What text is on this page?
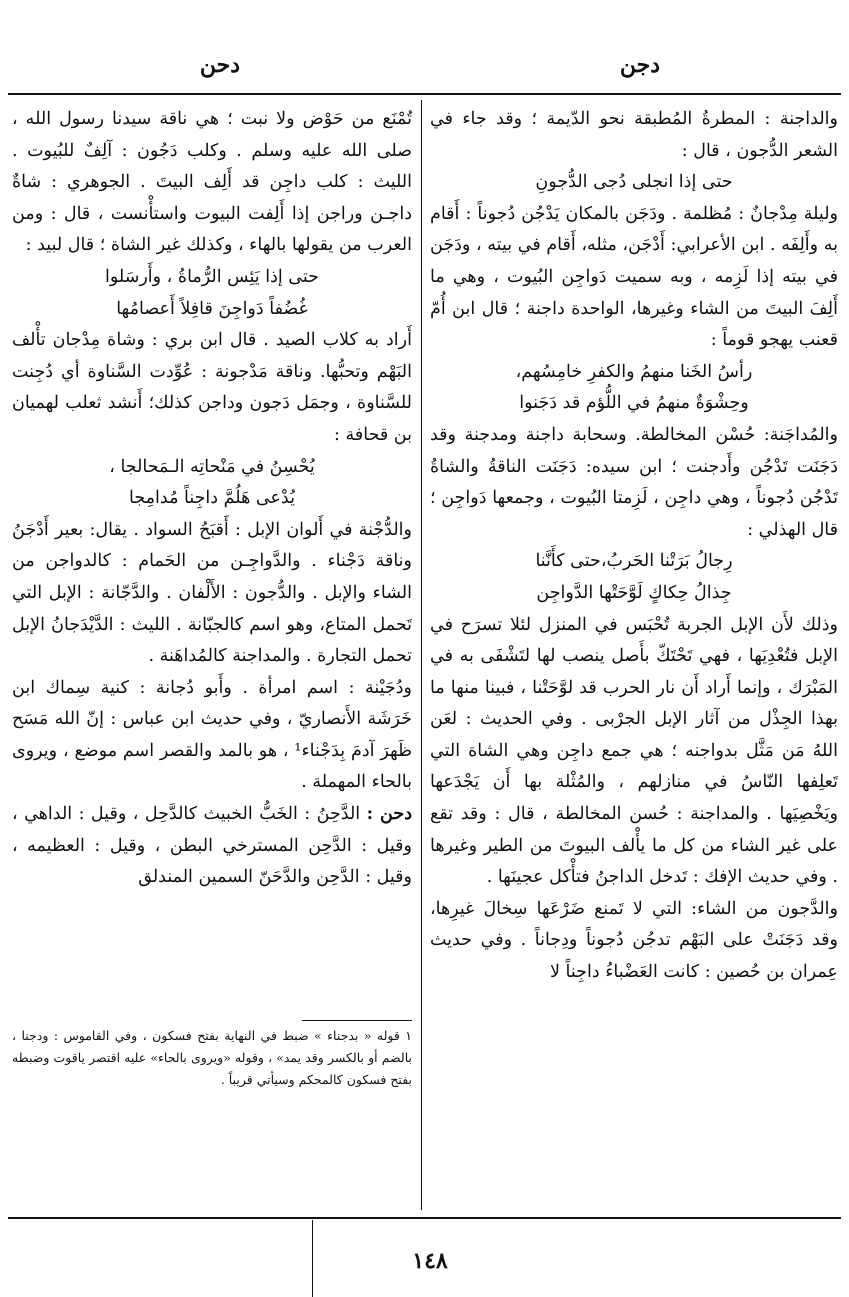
دجن
دحن

والداجنة : المطرةُ المُطبقة نحو الدّيمة ؛ وقد جاء في الشعر الدُّجون ، قال :

حتى إذا انجلى دُجى الدُّجونِ

وليلة مِدْجانٌ : مُظلمة . ودَجَن بالمكان يَدْجُن دُجوناً : أَقام به وأَلِفَه . ابن الأعرابي: أَدْجَن، مثله، أَقام في بيته ، ودَجَن في بيته إذا لَزِمه ، وبه سميت دَواجِن البُيوت ، وهي ما أَلِفَ البيتَ من الشاء وغيرها، الواحدة داجنة ؛ قال ابن أُمّ قعنب يهجو قوماً :

رأسُ الخَنا منهمُ والكفرِ خامِسُهم،

وحِشْوَةٌ منهمُ في اللُّؤم قد دَجَنوا

والمُداجَنة: حُسْن المخالطة. وسحابة داجنة ومدجنة وقد دَجَنَت تَدْجُن وأَدجنت ؛ ابن سيده: دَجَنَت الناقةُ والشاةُ تَدْجُن دُجوناً ، وهي داجِن ، لَزِمتا البُيوت ، وجمعها دَواجِن ؛ قال الهذلي :

رِجالُ بَرَتْنا الحَربُ،حتى كأَنَّنا

جِذالُ حِكاكٍ لَوَّحَتْها الدَّواجِن

وذلك لأَن الإبل الجربة تُحْبَس في المنزل لئلا تسرَح في الإبل فتُعْدِيَها ، فهي تَحْتَكّ بأَصل ينصب لها لتَشْفَى به في المَبْرَك ، وإنما أَراد أَن نار الحرب قد لوَّحَتْنا ، فبينا منها ما بهذا الجِذْل من آثار الإبل الجرْبى . وفي الحديث : لعَن اللهُ مَن مَثَّل بدواجنه ؛ هي جمع داجِن وهي الشاة التي تَعلِفها النّاسُ في منازلهم ، والمُثْلة بها أَن يَجْدَعها ويَخْصِيَها . والمداجنة : حُسن المخالطة ، قال : وقد تقع على غير الشاء من كل ما يأْلف البيوتَ من الطير وغيرها . وفي حديث الإفك : تَدخل الداجنُ فتأْكل عجينَها .

والدَّجون من الشاء: التي لا تَمنع ضَرْعَها سِخالَ غيرِها، وقد دَجَنَتْ على البَهْم تدجُن دُجوناً ودِجاناً . وفي حديث عِمران بن حُصين : كانت العَضْباءُ داجِناً لا

تُمْنَع من حَوْض ولا نبت ؛ هي ناقة سيدنا رسول الله ، صلى الله عليه وسلم . وكلب دَجُون : آلِفٌ للبُيوت . الليث : كلب داجِن قد أَلِف البيتَ . الجوهري : شاةٌ داجـن وراجن إذا أَلِفت البيوت واستأْنست ، قال : ومن العرب من يقولها بالهاء ، وكذلك غير الشاة ؛ قال لبيد :

حتى إذا يَئِس الرُّماةُ ، وأَرسَلوا

غُضُفاً دَواجِنَ قافِلاً أَعصامُها

أَراد به كلاب الصيد . قال ابن بري : وشاة مِدْجان تأْلف البَهْم وتحبُّها. وناقة مَدْجونة : عُوِّدت السَّناوة أي دُجِنت للسَّناوة ، وجمَل دَجون وداجن كذلك؛ أَنشد ثعلب لهميان بن قحافة :

يُحْسِنُ في مَنْحاتِه الـمَحالجا ،

يُدْعى هَلُمَّ داجِناً مُدامِجا

والدُّجْنة في أَلوان الإبل : أَقبَحُ السواد . يقال: بعير أَدْجَنُ وناقة دَجْناء . والدَّواجِـن من الحَمام : كالدواجن من الشاء والإبل . والدُّجون : الأَلْفان . والدَّجّانة : الإبل التي تَحمل المتاع، وهو اسم كالجبّانة . الليث : الدَّيْدَجانُ الإبل تحمل التجارة . والمداجنة كالمُداهَنة .

ودُجَيْنة : اسم امرأة . وأَبو دُجانة : كنية سِماك ابن خَرَشَة الأَنصاريّ ، وفي حديث ابن عباس : إنّ الله مَسَح ظَهرَ آدمَ بِدَجْناء¹ ، هو بالمد والقصر اسم موضع ، ويروى بالحاء المهملة .

دحن : الدَّحِنُ : الخَبُّ الخبيث كالدَّحِل ، وقيل : الداهي ، وقيل : الدَّحِن المسترخي البطن ، وقيل : العظيمه ، وقيل : الدَّحِن والدَّحَنّ السمين المندلق

١ قوله « بدجناء » ضبط في النهاية بفتح فسكون ، وفي القاموس : ودجنا ، بالضم أو بالكسر وقد يمد» ، وقوله «ويروى بالحاء» عليه اقتصر ياقوت وضبطه بفتح فسكون كالمحكم وسيأتي قريباً .

١٤٨
